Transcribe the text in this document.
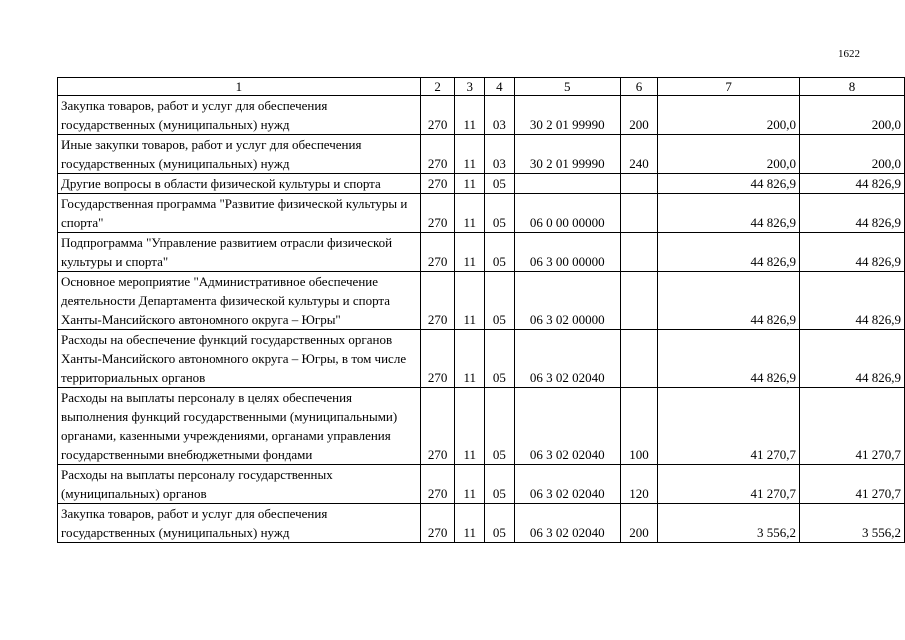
1622
1	2	3	4	5	6	7	8
Закупка товаров, работ и услуг для обеспечения государственных (муниципальных) нужд	270	11	03	30 2 01 99990	200	200,0	200,0
Иные закупки товаров, работ и услуг для обеспечения государственных (муниципальных) нужд	270	11	03	30 2 01 99990	240	200,0	200,0
Другие вопросы в области физической культуры и спорта	270	11	05			44 826,9	44 826,9
Государственная программа "Развитие физической культуры и спорта"	270	11	05	06 0 00 00000		44 826,9	44 826,9
Подпрограмма "Управление развитием отрасли физической культуры и спорта"	270	11	05	06 3 00 00000		44 826,9	44 826,9
Основное мероприятие "Административное обеспечение деятельности Департамента физической культуры и спорта Ханты-Мансийского автономного округа – Югры"	270	11	05	06 3 02 00000		44 826,9	44 826,9
Расходы на обеспечение функций государственных органов Ханты-Мансийского автономного округа – Югры, в том числе территориальных органов	270	11	05	06 3 02 02040		44 826,9	44 826,9
Расходы на выплаты персоналу в целях обеспечения выполнения функций государственными (муниципальными) органами, казенными учреждениями, органами управления государственными внебюджетными фондами	270	11	05	06 3 02 02040	100	41 270,7	41 270,7
Расходы на выплаты персоналу государственных (муниципальных) органов	270	11	05	06 3 02 02040	120	41 270,7	41 270,7
Закупка товаров, работ и услуг для обеспечения государственных (муниципальных) нужд	270	11	05	06 3 02 02040	200	3 556,2	3 556,2
